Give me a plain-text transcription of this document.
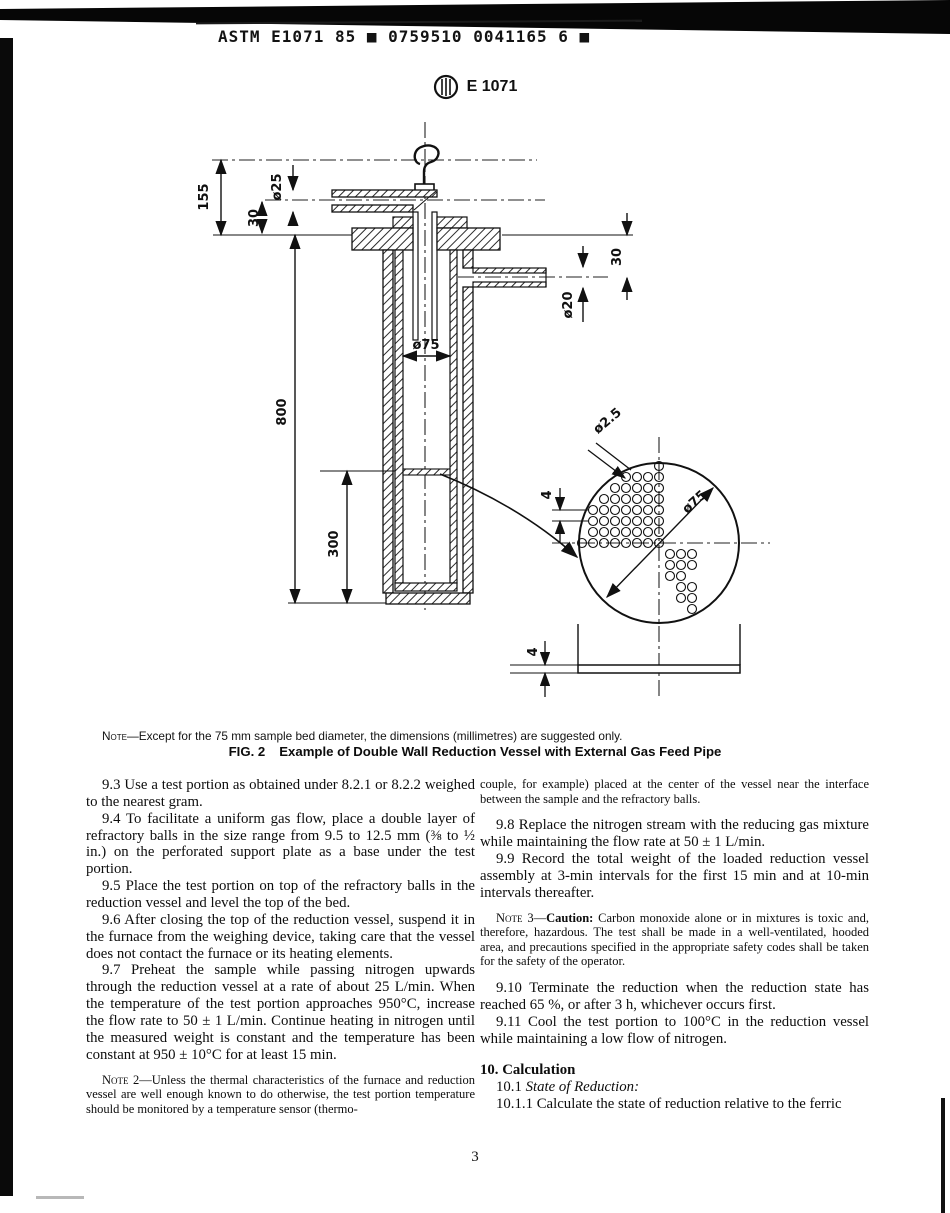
ASTM E1071 85 ■ 0759510 0041165 6 ■
E 1071
155	ø25
30
30
ø20
ø75
800
300
ø2.5
4	ø75
4
Note—Except for the 75 mm sample bed diameter, the dimensions (millimetres) are suggested only.
FIG. 2 Example of Double Wall Reduction Vessel with External Gas Feed Pipe

9.3 Use a test portion as obtained under 8.2.1 or 8.2.2 weighed to the nearest gram.

9.4 To facilitate a uniform gas flow, place a double layer of refractory balls in the size range from 9.5 to 12.5 mm (⅜ to ½ in.) on the perforated support plate as a base under the test portion.

9.5 Place the test portion on top of the refractory balls in the reduction vessel and level the top of the bed.

9.6 After closing the top of the reduction vessel, suspend it in the furnace from the weighing device, taking care that the vessel does not contact the furnace or its heating elements.

9.7 Preheat the sample while passing nitrogen upwards through the reduction vessel at a rate of about 25 L/min. When the temperature of the test portion approaches 950°C, increase the flow rate to 50 ± 1 L/min. Continue heating in nitrogen until the measured weight is constant and the temperature has been constant at 950 ± 10°C for at least 15 min.

Note 2—Unless the thermal characteristics of the furnace and reduction vessel are well enough known to do otherwise, the test portion temperature should be monitored by a temperature sensor (thermo-

couple, for example) placed at the center of the vessel near the interface between the sample and the refractory balls.

9.8 Replace the nitrogen stream with the reducing gas mixture while maintaining the flow rate at 50 ± 1 L/min.

9.9 Record the total weight of the loaded reduction vessel assembly at 3-min intervals for the first 15 min and at 10-min intervals thereafter.

Note 3—Caution: Carbon monoxide alone or in mixtures is toxic and, therefore, hazardous. The test shall be made in a well-ventilated, hooded area, and precautions specified in the appropriate safety codes shall be taken for the safety of the operator.

9.10 Terminate the reduction when the reduction state has reached 65 %, or after 3 h, whichever occurs first.

9.11 Cool the test portion to 100°C in the reduction vessel while maintaining a low flow of nitrogen.

10. Calculation

10.1 State of Reduction:

10.1.1 Calculate the state of reduction relative to the ferric

3
